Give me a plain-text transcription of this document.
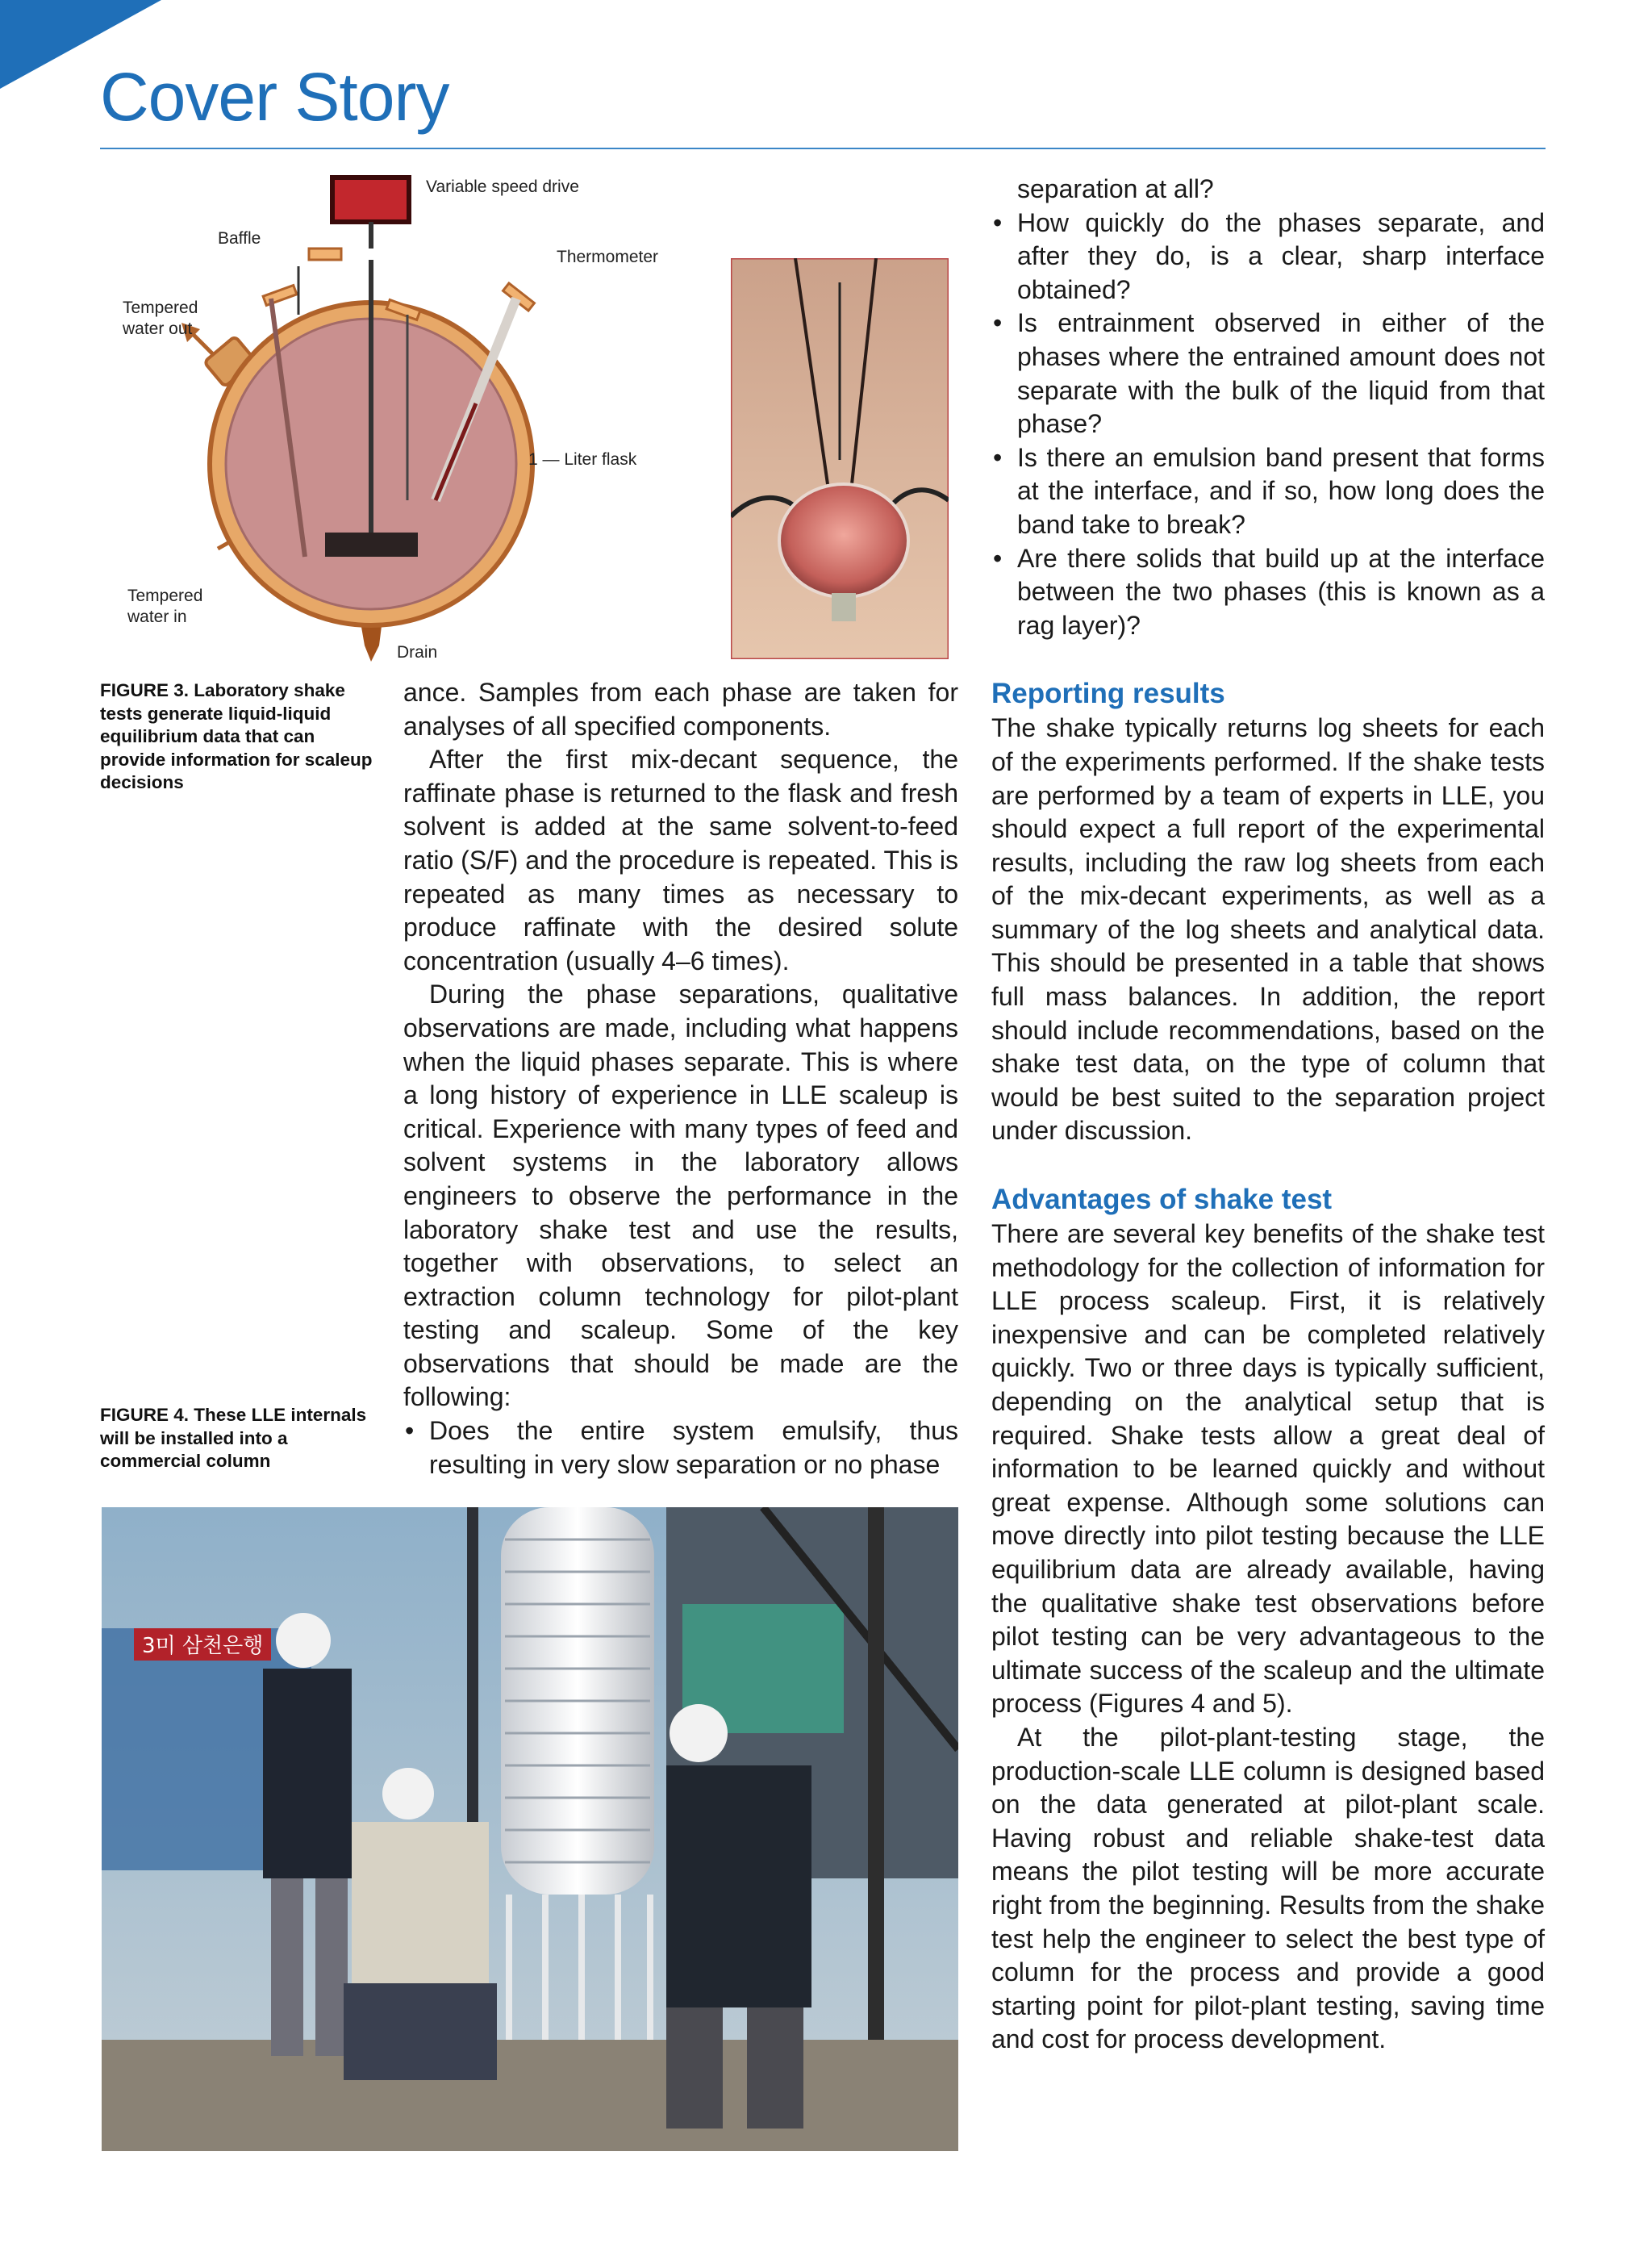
Cover Story
Variable speed drive
Baffle
Thermometer
Tempered
water out
1 — Liter flask
Tempered
water in
Drain
FIGURE 3. Laboratory shake tests generate liquid-liquid equilibrium data that can provide information for scaleup decisions
FIGURE 4. These LLE internals will be installed into a commercial column
3미 삼천은행

ance. Samples from each phase are taken for analyses of all specified components.

After the first mix-decant sequence, the raffinate phase is returned to the flask and fresh solvent is added at the same solvent-to-feed ratio (S/F) and the procedure is repeated. This is repeated as many times as necessary to produce raffinate with the desired solute concentration (usually 4–6 times).

During the phase separations, qualitative observations are made, including what happens when the liquid phases separate. This is where a long history of experience in LLE scaleup is critical. Experience with many types of feed and solvent systems in the laboratory allows engineers to observe the performance in the laboratory shake test and use the results, together with observations, to select an extraction column technology for pilot-plant testing and scaleup. Some of the key observations that should be made are the following:

• Does the entire system emulsify, thus resulting in very slow separation or no phase

separation at all?

• How quickly do the phases separate, and after they do, is a clear, sharp interface obtained?
• Is entrainment observed in either of the phases where the entrained amount does not separate with the bulk of the liquid from that phase?
• Is there an emulsion band present that forms at the interface, and if so, how long does the band take to break?
• Are there solids that build up at the interface between the two phases (this is known as a rag layer)?
Reporting results

The shake typically returns log sheets for each of the experiments performed. If the shake tests are performed by a team of experts in LLE, you should expect a full report of the experimental results, including the raw log sheets from each of the mix-decant experiments, as well as a summary of the log sheets and analytical data. This should be presented in a table that shows full mass balances. In addition, the report should include recommendations, based on the shake test data, on the type of column that would be best suited to the separation project under discussion.

Advantages of shake test

There are several key benefits of the shake test methodology for the collection of information for LLE process scaleup. First, it is relatively inexpensive and can be completed relatively quickly. Two or three days is typically sufficient, depending on the analytical setup that is required. Shake tests allow a great deal of information to be learned quickly and without great expense. Although some solutions can move directly into pilot testing because the LLE equilibrium data are already available, having the qualitative shake test observations before pilot testing can be very advantageous to the ultimate success of the scaleup and the ultimate process (Figures 4 and 5).

At the pilot-plant-testing stage, the production-scale LLE column is designed based on the data generated at pilot-plant scale. Having robust and reliable shake-test data means the pilot testing will be more accurate right from the beginning. Results from the shake test help the engineer to select the best type of column for the process and provide a good starting point for pilot-plant testing, saving time and cost for process development.
